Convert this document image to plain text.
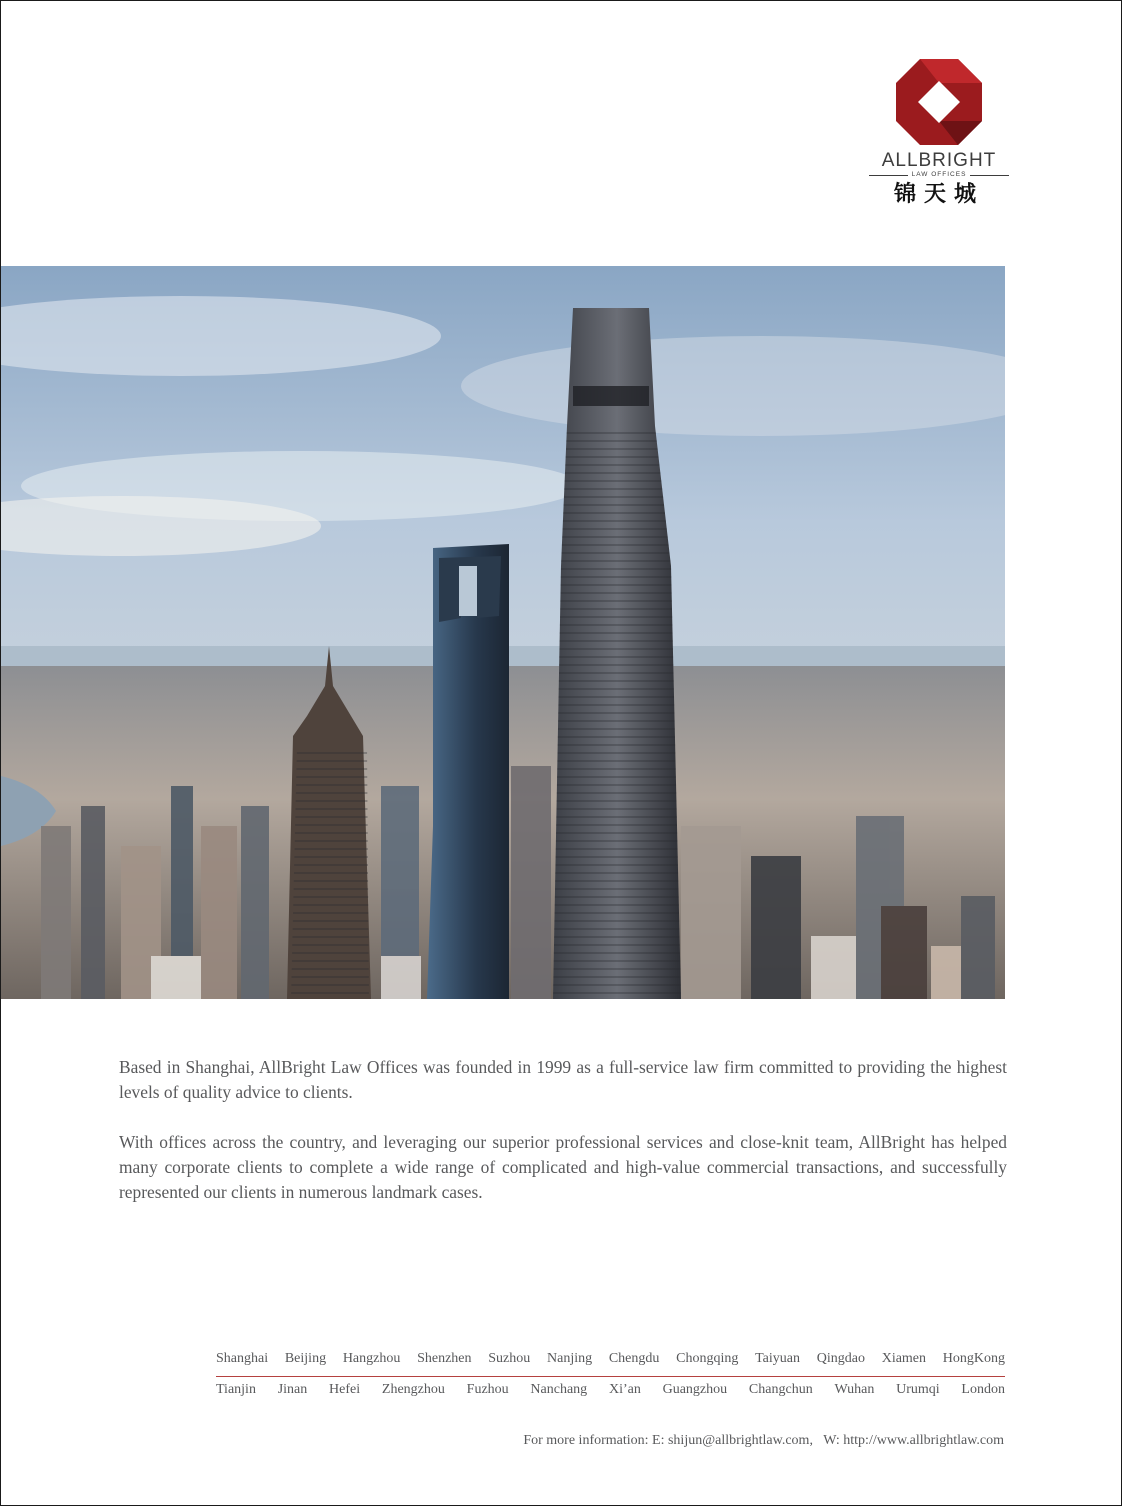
ALLBRIGHT
LAW OFFICES
锦天城

Based in Shanghai, AllBright Law Offices was founded in 1999 as a full-service law firm committed to providing the highest levels of quality advice to clients.

With offices across the country, and leveraging our superior professional services and close-knit team, AllBright has helped many corporate clients to complete a wide range of complicated and high-value commercial transactions, and successfully represented our clients in numerous landmark cases.

Shanghai Beijing Hangzhou Shenzhen Suzhou Nanjing Chengdu Chongqing Taiyuan Qingdao Xiamen HongKong
Tianjin Jinan Hefei Zhengzhou Fuzhou Nanchang Xi’an Guangzhou Changchun Wuhan Urumqi London
For more information: E: shijun@allbrightlaw.com,   W: http://www.allbrightlaw.com
